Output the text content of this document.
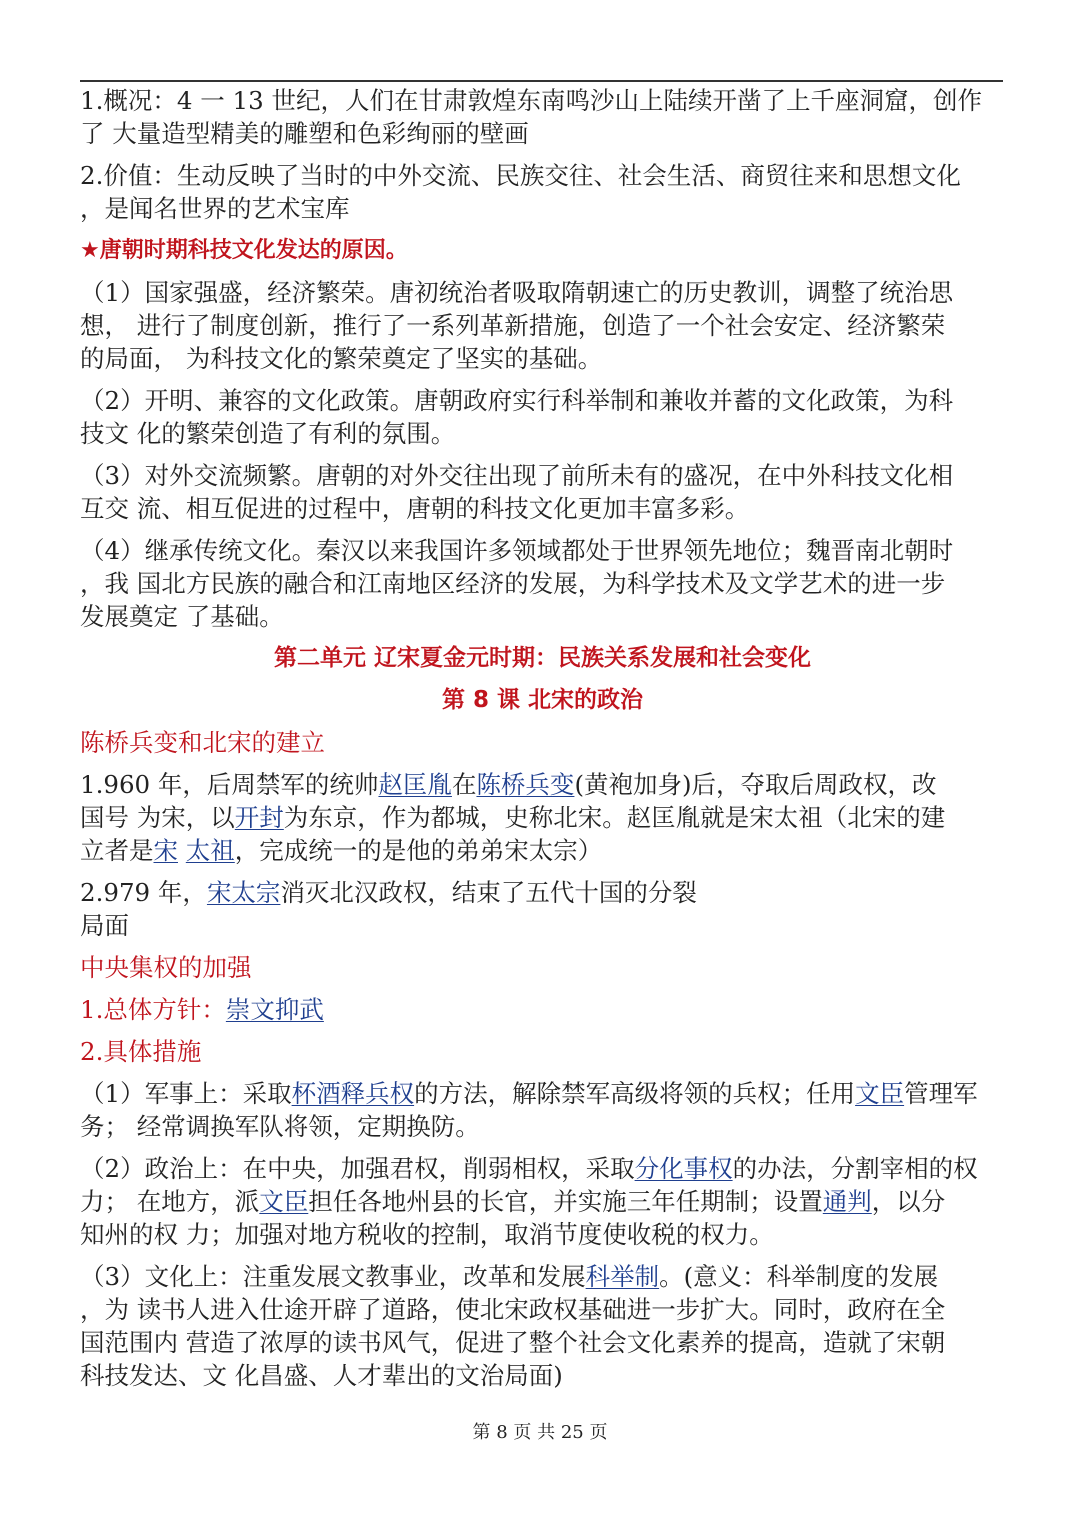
1.概况：4 一 13 世纪，人们在甘肃敦煌东南鸣沙山上陆续开凿了上千座洞窟，创作

了 大量造型精美的雕塑和色彩绚丽的壁画

2.价值：生动反映了当时的中外交流、民族交往、社会生活、商贸往来和思想文化

，是闻名世界的艺术宝库

★唐朝时期科技文化发达的原因。

（1）国家强盛，经济繁荣。唐初统治者吸取隋朝速亡的历史教训，调整了统治思

想， 进行了制度创新，推行了一系列革新措施，创造了一个社会安定、经济繁荣

的局面， 为科技文化的繁荣奠定了坚实的基础。

（2）开明、兼容的文化政策。唐朝政府实行科举制和兼收并蓄的文化政策，为科

技文 化的繁荣创造了有利的氛围。

（3）对外交流频繁。唐朝的对外交往出现了前所未有的盛况，在中外科技文化相

互交 流、相互促进的过程中，唐朝的科技文化更加丰富多彩。

（4）继承传统文化。秦汉以来我国许多领域都处于世界领先地位；魏晋南北朝时

，我 国北方民族的融合和江南地区经济的发展，为科学技术及文学艺术的进一步

发展奠定 了基础。

第二单元 辽宋夏金元时期：民族关系发展和社会变化

第 8 课 北宋的政治

陈桥兵变和北宋的建立

1.960 年，后周禁军的统帅赵匡胤在陈桥兵变(黄袍加身)后，夺取后周政权，改

国号 为宋，以开封为东京，作为都城，史称北宋。赵匡胤就是宋太祖（北宋的建

立者是宋 太祖，完成统一的是他的弟弟宋太宗）

2.979 年，宋太宗消灭北汉政权，结束了五代十国的分裂

局面

中央集权的加强

1.总体方针：崇文抑武

2.具体措施

（1）军事上：采取杯酒释兵权的方法，解除禁军高级将领的兵权；任用文臣管理军

务； 经常调换军队将领，定期换防。

（2）政治上：在中央，加强君权，削弱相权，采取分化事权的办法，分割宰相的权

力； 在地方，派文臣担任各地州县的长官，并实施三年任期制；设置通判，以分

知州的权 力；加强对地方税收的控制，取消节度使收税的权力。

（3）文化上：注重发展文教事业，改革和发展科举制。(意义：科举制度的发展

，为 读书人进入仕途开辟了道路，使北宋政权基础进一步扩大。同时，政府在全

国范围内 营造了浓厚的读书风气，促进了整个社会文化素养的提高，造就了宋朝

科技发达、文 化昌盛、人才辈出的文治局面)

第 8 页 共 25 页
